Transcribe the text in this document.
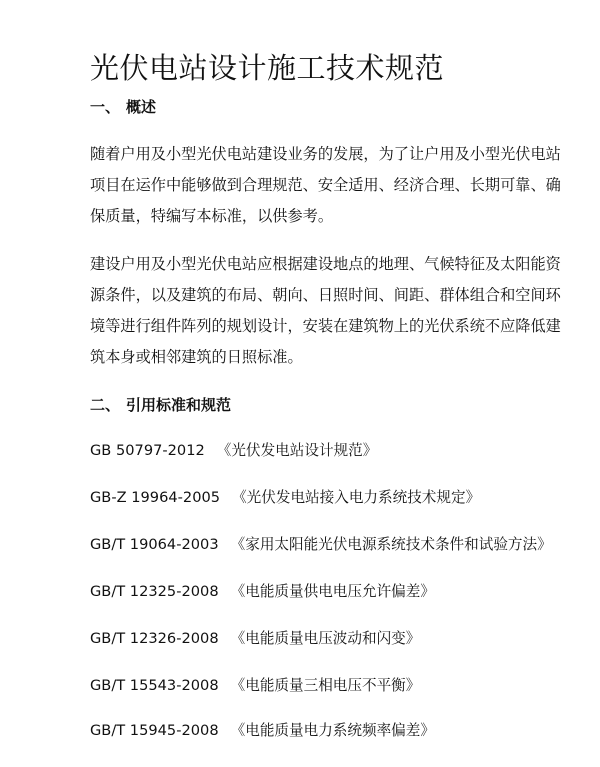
光伏电站设计施工技术规范
一、 概述

随着户用及小型光伏电站建设业务的发展，为了让户用及小型光伏电站
项目在运作中能够做到合理规范、安全适用、经济合理、长期可靠、确
保质量，特编写本标准，以供参考。

建设户用及小型光伏电站应根据建设地点的地理、气候特征及太阳能资
源条件，以及建筑的布局、朝向、日照时间、间距、群体组合和空间环
境等进行组件阵列的规划设计，安装在建筑物上的光伏系统不应降低建
筑本身或相邻建筑的日照标准。

二、 引用标准和规范

GB 50797-2012 《光伏发电站设计规范》

GB-Z 19964-2005 《光伏发电站接入电力系统技术规定》

GB/T 19064-2003 《家用太阳能光伏电源系统技术条件和试验方法》

GB/T 12325-2008 《电能质量供电电压允许偏差》

GB/T 12326-2008 《电能质量电压波动和闪变》

GB/T 15543-2008 《电能质量三相电压不平衡》

GB/T 15945-2008 《电能质量电力系统频率偏差》
